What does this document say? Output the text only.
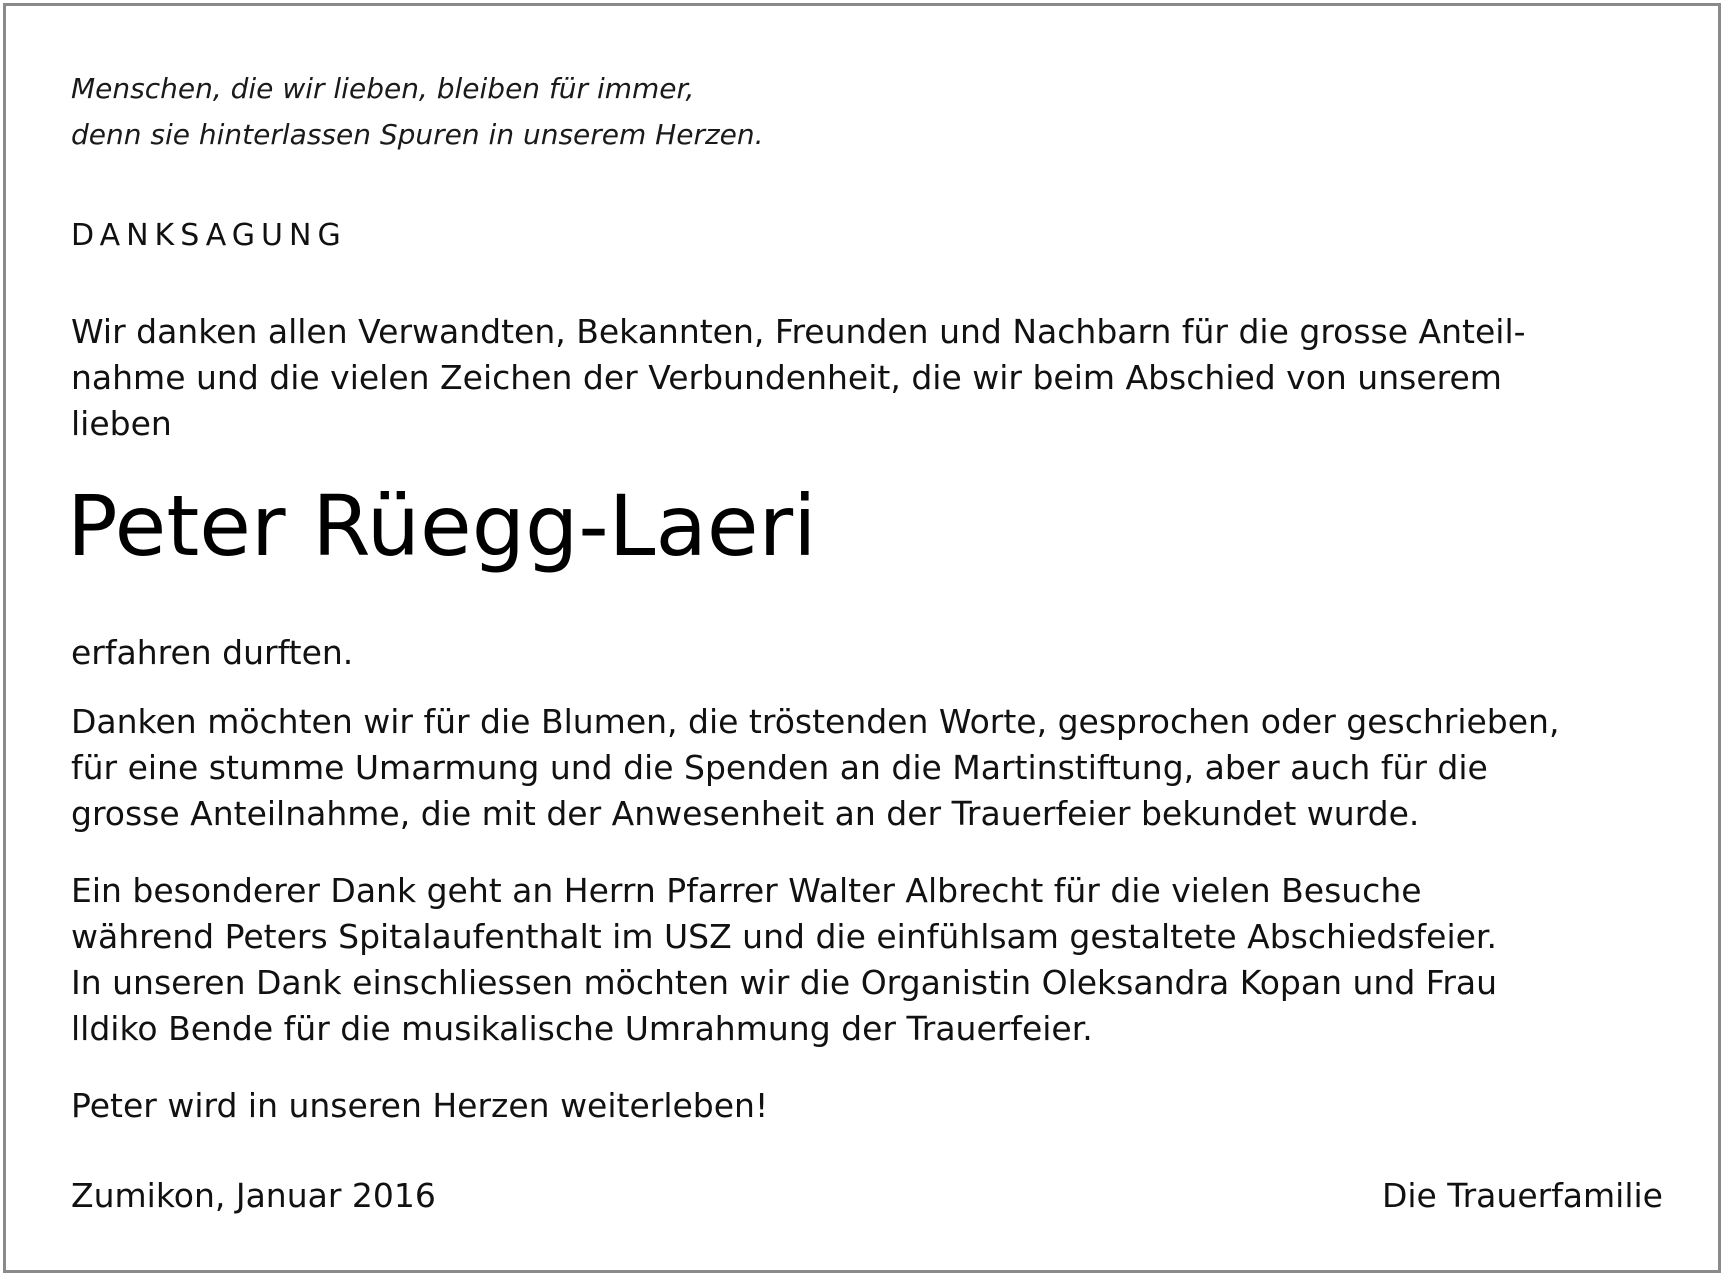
Menschen, die wir lieben, bleiben für immer,
denn sie hinterlassen Spuren in unserem Herzen.
DANKSAGUNG
Wir danken allen Verwandten, Bekannten, Freunden und Nachbarn für die grosse Anteil-
nahme und die vielen Zeichen der Verbundenheit, die wir beim Abschied von unserem
lieben
Peter Rüegg-Laeri
erfahren durften.
Danken möchten wir für die Blumen, die tröstenden Worte, gesprochen oder geschrieben,
für eine stumme Umarmung und die Spenden an die Martinstiftung, aber auch für die
grosse Anteilnahme, die mit der Anwesenheit an der Trauerfeier bekundet wurde.
Ein besonderer Dank geht an Herrn Pfarrer Walter Albrecht für die vielen Besuche
während Peters Spitalaufenthalt im USZ und die einfühlsam gestaltete Abschiedsfeier.
In unseren Dank einschliessen möchten wir die Organistin Oleksandra Kopan und Frau
lldiko Bende für die musikalische Umrahmung der Trauerfeier.
Peter wird in unseren Herzen weiterleben!
Zumikon, Januar 2016	Die Trauerfamilie
